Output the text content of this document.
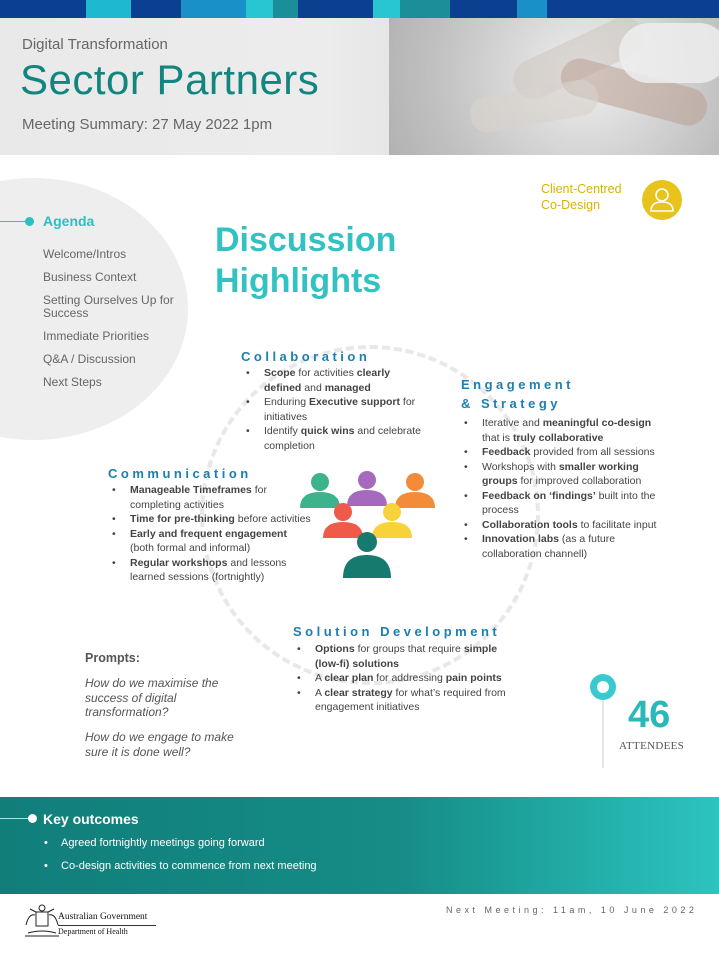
Digital Transformation
Sector Partners
Meeting Summary: 27 May 2022 1pm
Agenda
Welcome/Intros
Business Context
Setting Ourselves Up for Success
Immediate Priorities
Q&A / Discussion
Next Steps
Discussion
Highlights
Client-Centred
Co-Design
Collaboration
• Scope for activities clearly defined and managed
• Enduring Executive support for initiatives
• Identify quick wins and celebrate completion
Engagement
& Strategy
• Iterative and meaningful co-design that is truly collaborative
• Feedback provided from all sessions
• Workshops with smaller working groups for improved collaboration
• Feedback on ‘findings’ built into the process
• Collaboration tools to facilitate input
• Innovation labs (as a future collaboration channell)
Communication
• Manageable Timeframes for completing activities
• Time for pre-thinking before activities
• Early and frequent engagement (both formal and informal)
• Regular workshops and lessons learned sessions (fortnightly)
Solution Development
• Options for groups that require simple (low-fi) solutions
• A clear plan for addressing pain points
• A clear strategy for what’s required from engagement initiatives
Prompts:
How do we maximise the success of digital transformation?
How do we engage to make sure it is done well?
46
ATTENDEES
Key outcomes
• Agreed fortnightly meetings going forward
• Co-design activities to commence from next meeting
Australian Government
Department of Health
Next Meeting: 11am, 10 June 2022
